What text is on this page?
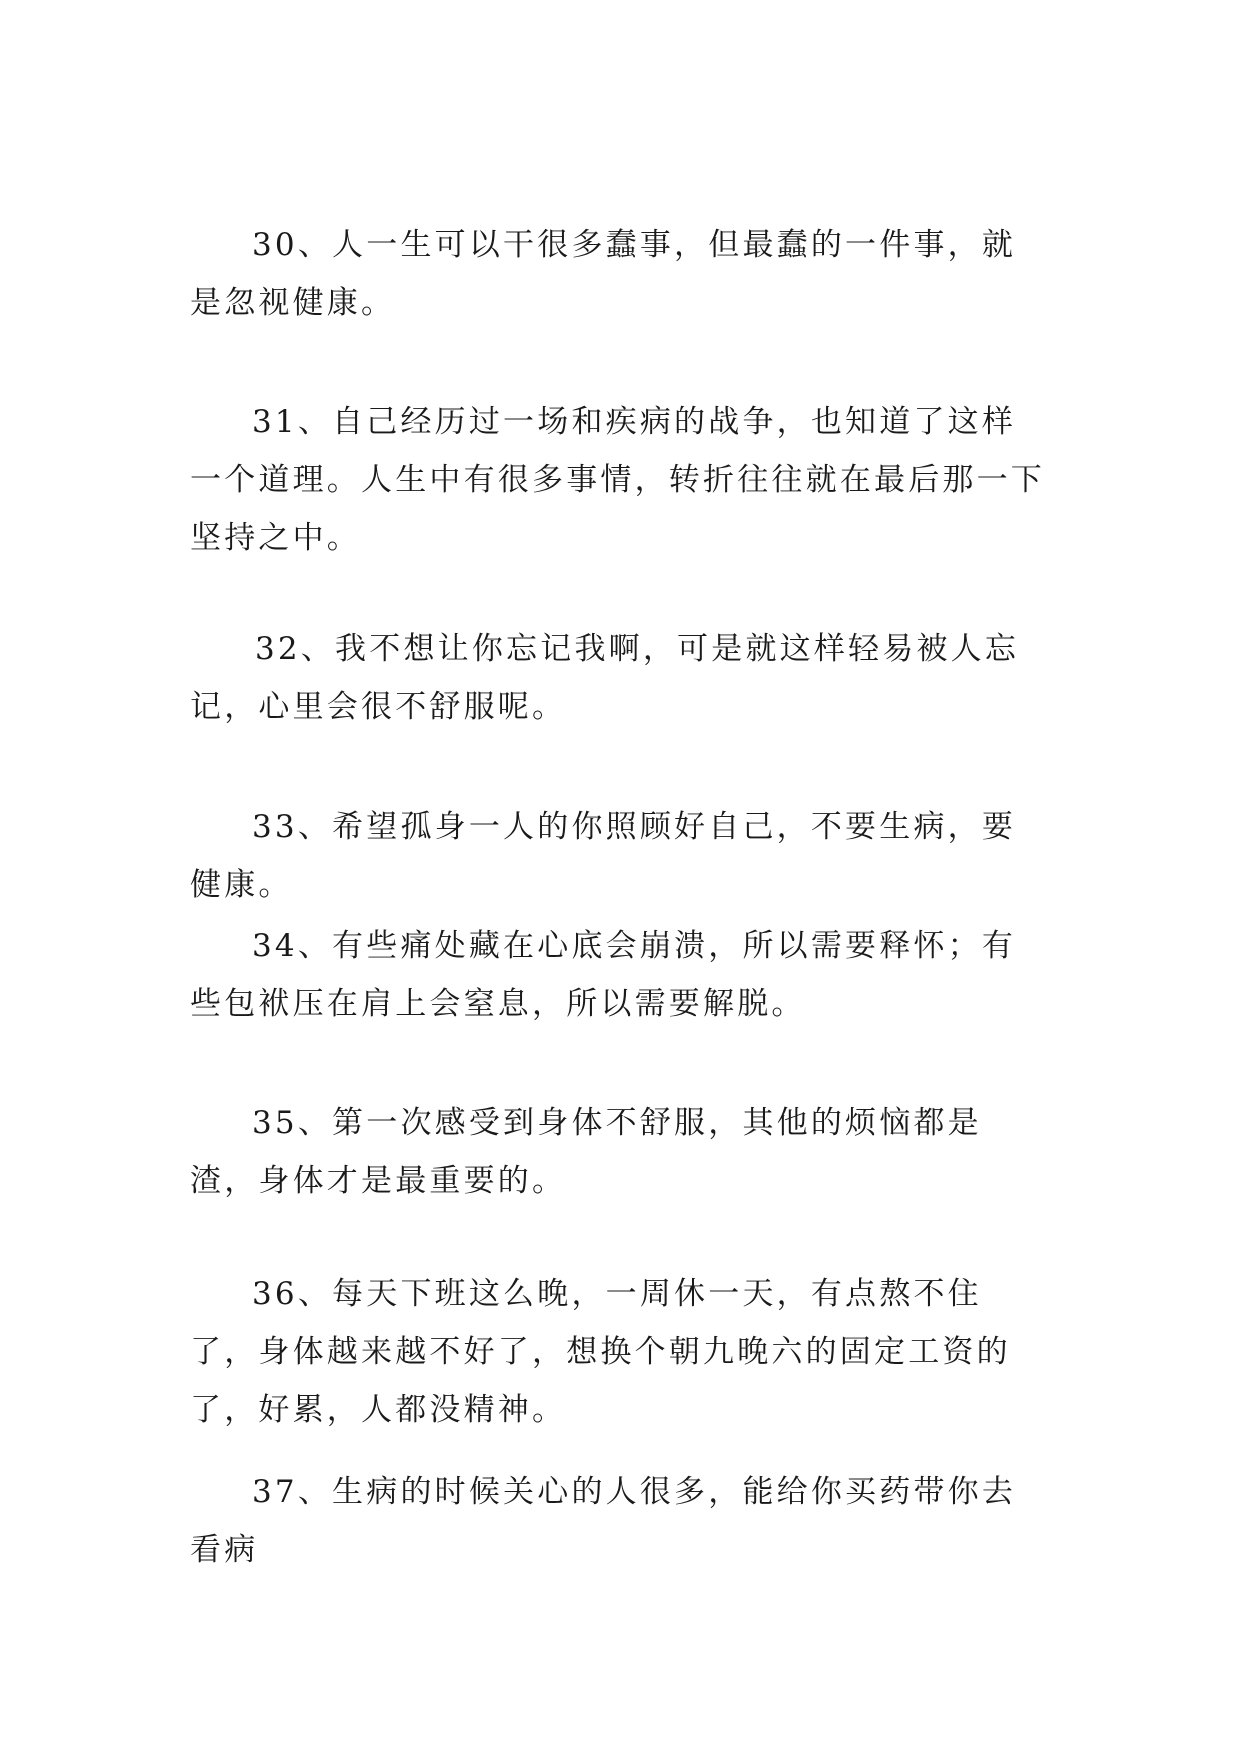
30、人一生可以干很多蠢事，但最蠢的一件事，就是忽视健康。

31、自己经历过一场和疾病的战争，也知道了这样一个道理。人生中有很多事情，转折往往就在最后那一下坚持之中。

32、我不想让你忘记我啊，可是就这样轻易被人忘记，心里会很不舒服呢。

33、希望孤身一人的你照顾好自己，不要生病，要健康。

34、有些痛处藏在心底会崩溃，所以需要释怀；有些包袱压在肩上会窒息，所以需要解脱。

35、第一次感受到身体不舒服，其他的烦恼都是渣，身体才是最重要的。

36、每天下班这么晚，一周休一天，有点熬不住了，身体越来越不好了，想换个朝九晚六的固定工资的了，好累，人都没精神。

37、生病的时候关心的人很多，能给你买药带你去看病
